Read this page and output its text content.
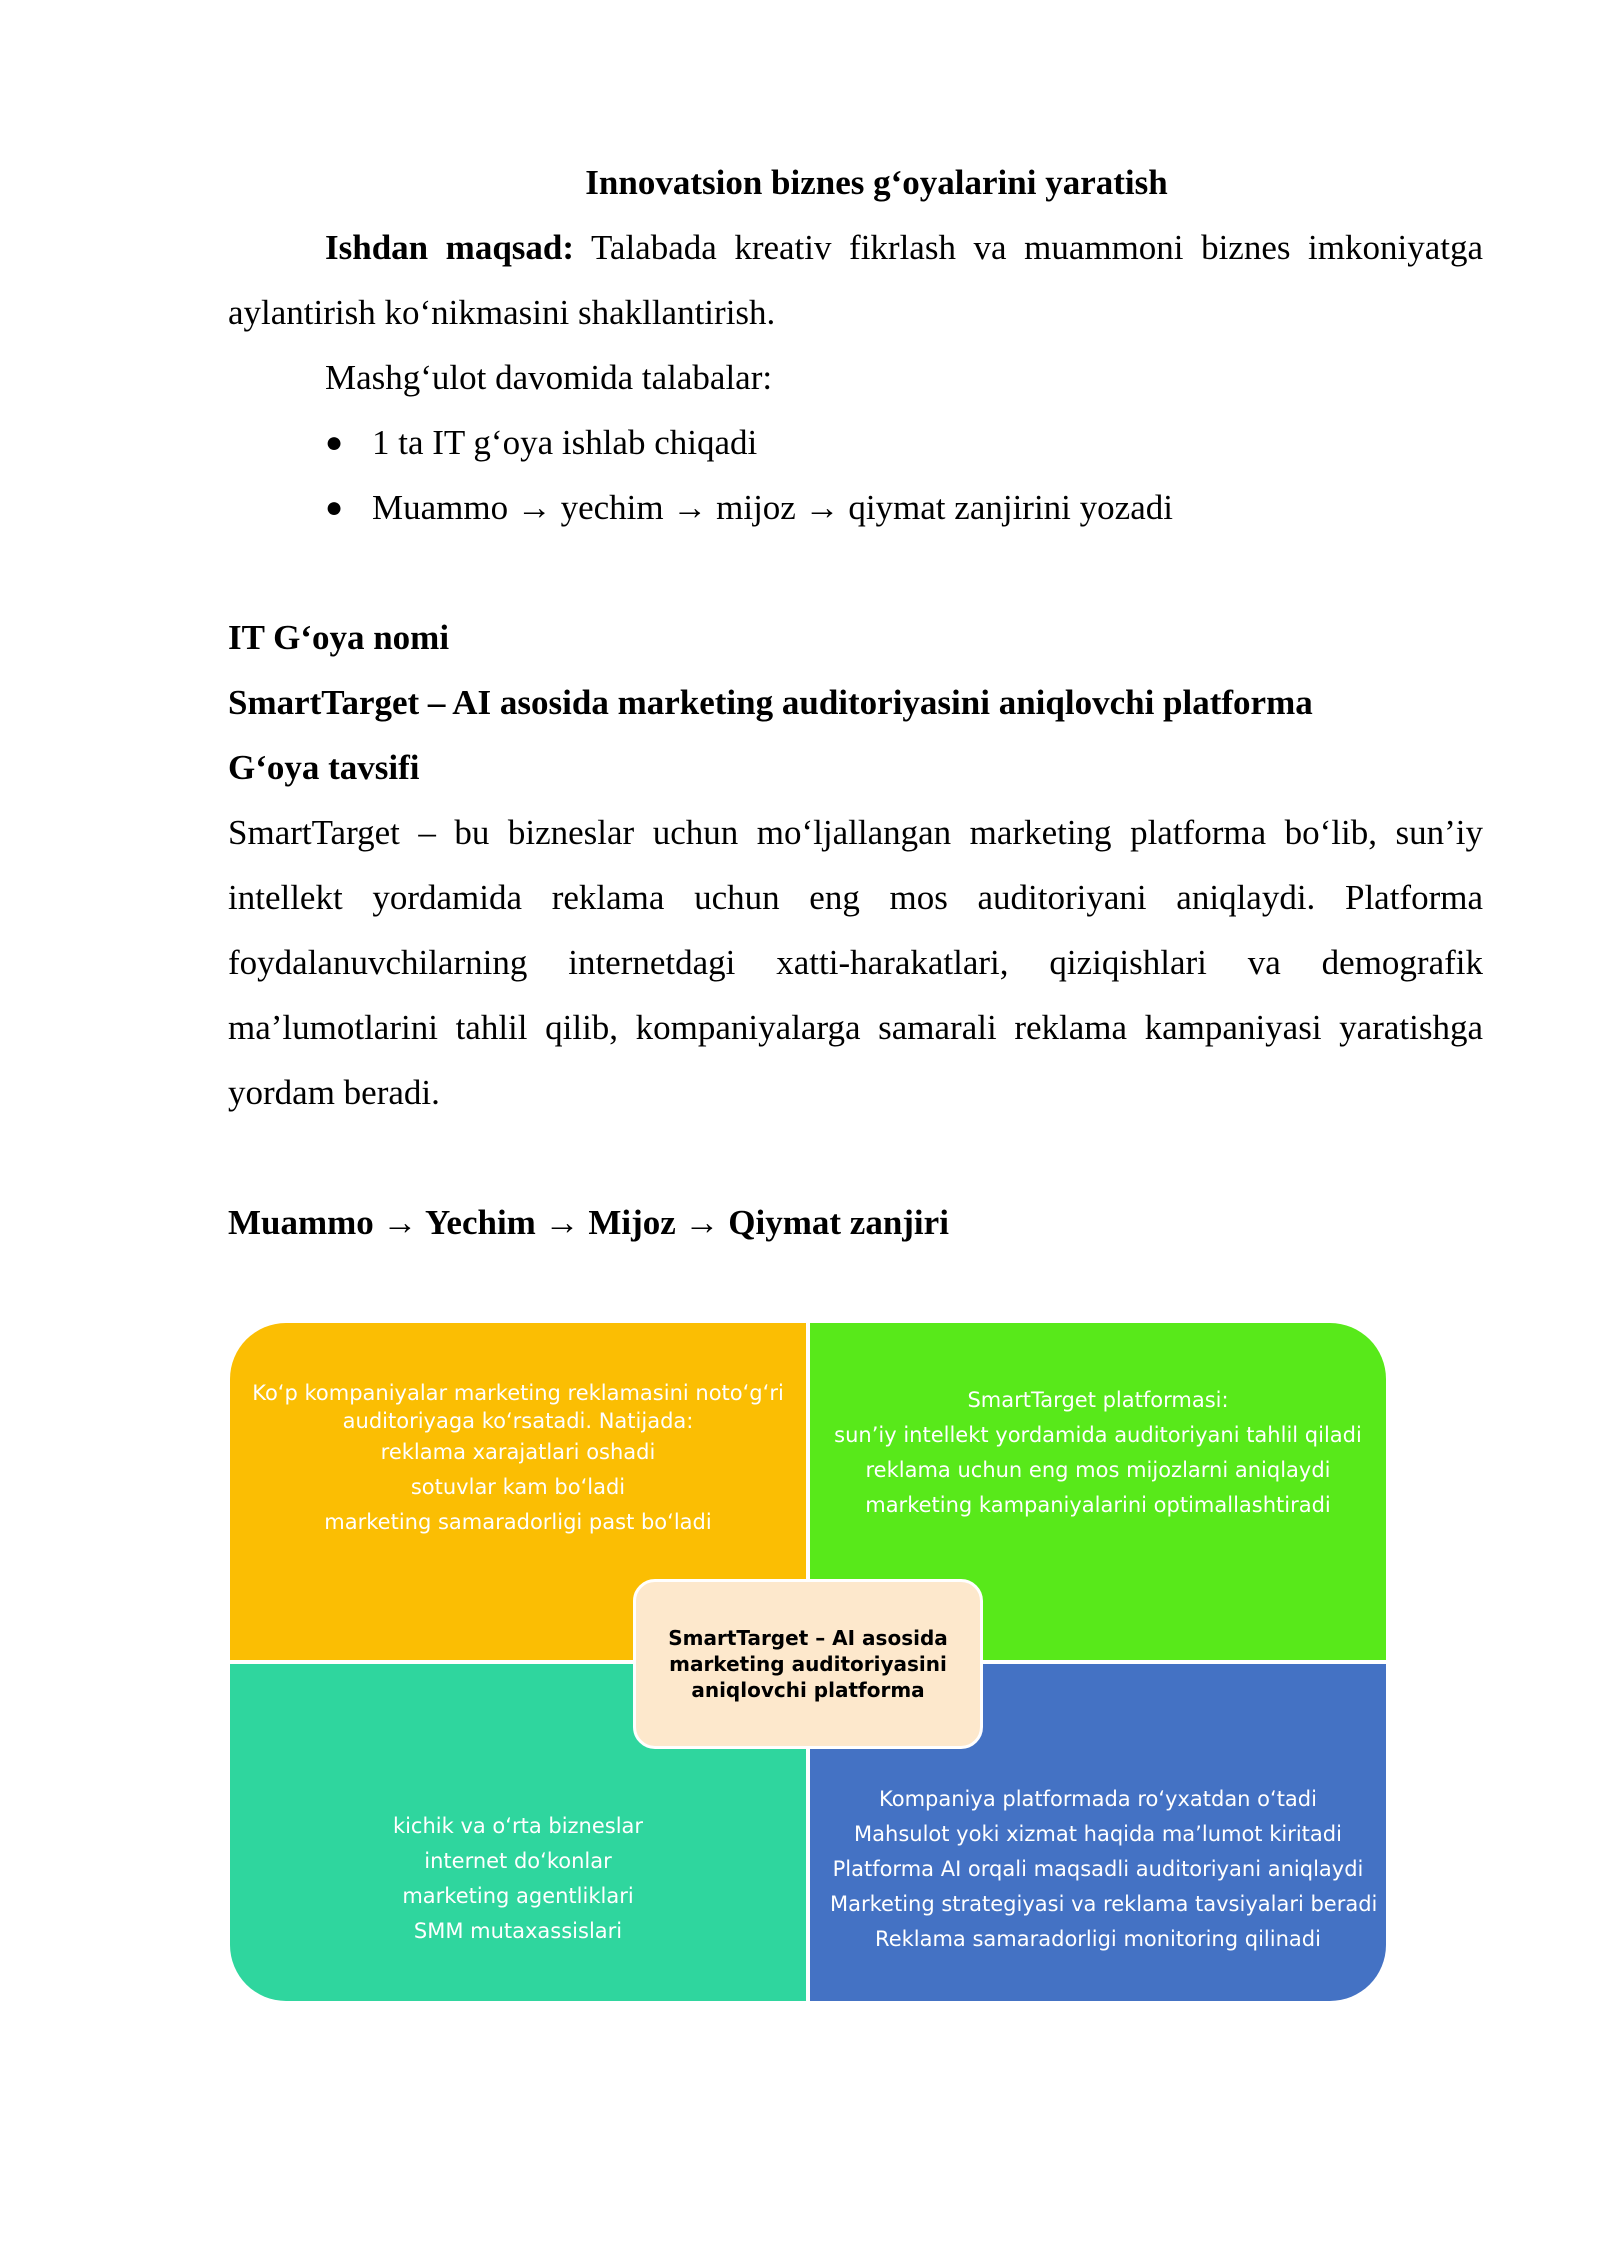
Innovatsion biznes gʻoyalarini yaratish

Ishdan maqsad: Talabada kreativ fikrlash va muammoni biznes imkoniyatga aylantirish koʻnikmasini shakllantirish.

Mashgʻulot davomida talabalar:

● 1 ta IT gʻoya ishlab chiqadi
● Muammo → yechim → mijoz → qiymat zanjirini yozadi

IT Gʻoya nomi

SmartTarget – AI asosida marketing auditoriyasini aniqlovchi platforma

Gʻoya tavsifi

SmartTarget – bu bizneslar uchun moʻljallangan marketing platforma boʻlib, sun’iy intellekt yordamida reklama uchun eng mos auditoriyani aniqlaydi. Platforma foydalanuvchilarning internetdagi xatti-harakatlari, qiziqishlari va demografik ma’lumotlarini tahlil qilib, kompaniyalarga samarali reklama kampaniyasi yaratishga yordam beradi.

Muammo → Yechim → Mijoz → Qiymat zanjiri

Koʻp kompaniyalar marketing reklamasini notoʻgʻri
auditoriyaga koʻrsatadi. Natijada:
reklama xarajatlari oshadi
sotuvlar kam boʻladi
marketing samaradorligi past boʻladi
SmartTarget platformasi:
sun’iy intellekt yordamida auditoriyani tahlil qiladi
reklama uchun eng mos mijozlarni aniqlaydi
marketing kampaniyalarini optimallashtiradi
kichik va oʻrta bizneslar
internet doʻkonlar
marketing agentliklari
SMM mutaxassislari
Kompaniya platformada roʻyxatdan oʻtadi
Mahsulot yoki xizmat haqida ma’lumot kiritadi
Platforma AI orqali maqsadli auditoriyani aniqlaydi
Marketing strategiyasi va reklama tavsiyalari beradi
Reklama samaradorligi monitoring qilinadi
SmartTarget – AI asosida marketing auditoriyasini aniqlovchi platforma
